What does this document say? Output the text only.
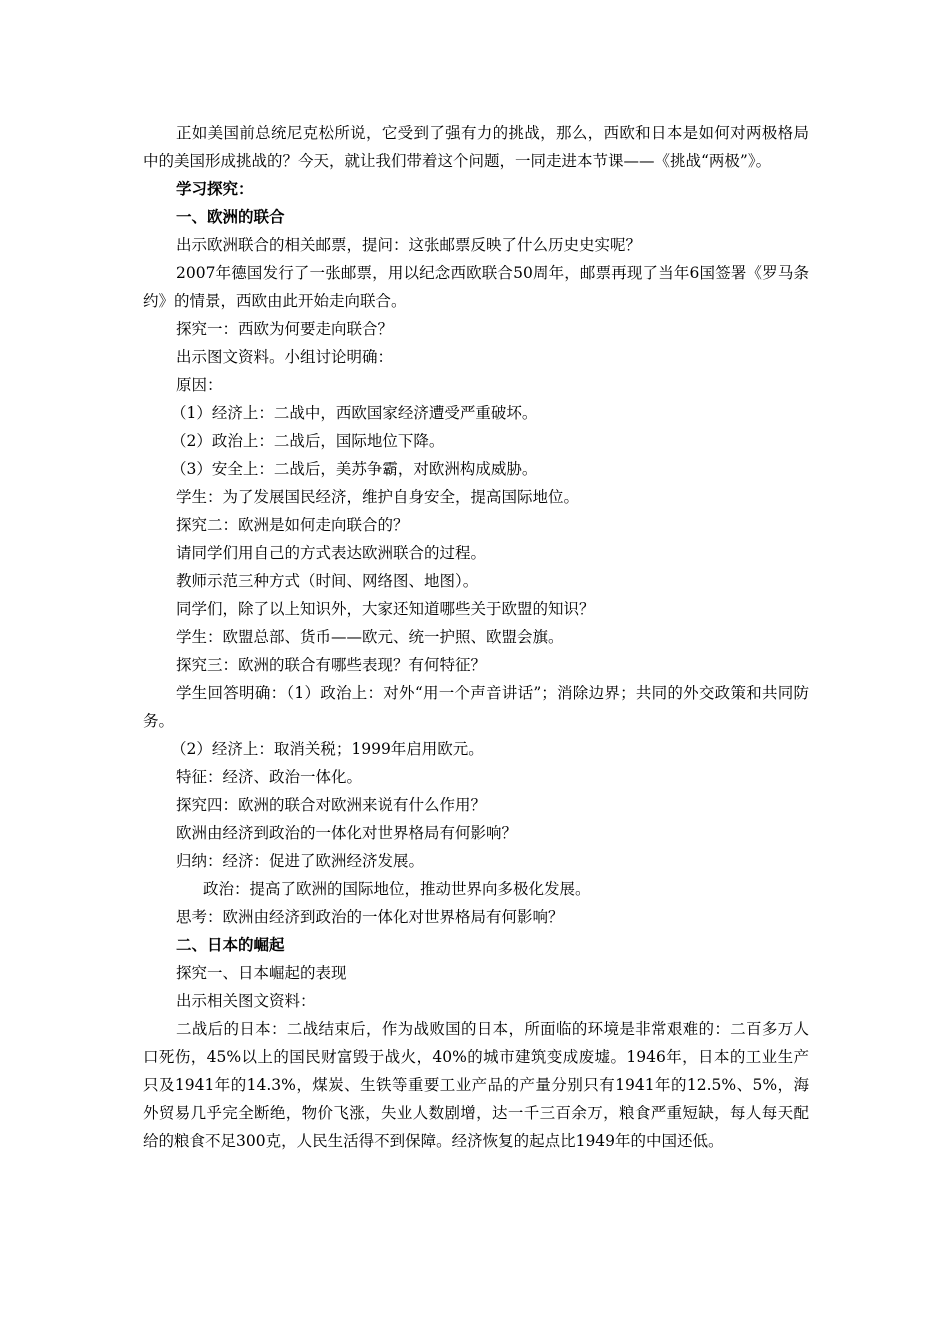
正如美国前总统尼克松所说，它受到了强有力的挑战，那么，西欧和日本是如何对两极格局中的美国形成挑战的？今天，就让我们带着这个问题，一同走进本节课——《挑战“两极”》。

学习探究：

一、欧洲的联合

出示欧洲联合的相关邮票，提问：这张邮票反映了什么历史史实呢？

2007年德国发行了一张邮票，用以纪念西欧联合50周年，邮票再现了当年6国签署《罗马条约》的情景，西欧由此开始走向联合。

探究一：西欧为何要走向联合？

出示图文资料。小组讨论明确：

原因：

（1）经济上：二战中，西欧国家经济遭受严重破坏。

（2）政治上：二战后，国际地位下降。

（3）安全上：二战后，美苏争霸，对欧洲构成威胁。

学生：为了发展国民经济，维护自身安全，提高国际地位。

探究二：欧洲是如何走向联合的？

请同学们用自己的方式表达欧洲联合的过程。

教师示范三种方式（时间、网络图、地图）。

同学们，除了以上知识外，大家还知道哪些关于欧盟的知识？

学生：欧盟总部、货币——欧元、统一护照、欧盟会旗。

探究三：欧洲的联合有哪些表现？有何特征？

学生回答明确：（1）政治上：对外“用一个声音讲话”；消除边界；共同的外交政策和共同防务。

（2）经济上：取消关税；1999年启用欧元。

特征：经济、政治一体化。

探究四：欧洲的联合对欧洲来说有什么作用？

欧洲由经济到政治的一体化对世界格局有何影响？

归纳：经济：促进了欧洲经济发展。

政治：提高了欧洲的国际地位，推动世界向多极化发展。

思考：欧洲由经济到政治的一体化对世界格局有何影响？

二、日本的崛起

探究一、日本崛起的表现

出示相关图文资料：

二战后的日本：二战结束后，作为战败国的日本，所面临的环境是非常艰难的：二百多万人口死伤，45%以上的国民财富毁于战火，40%的城市建筑变成废墟。1946年，日本的工业生产只及1941年的14.3%，煤炭、生铁等重要工业产品的产量分别只有1941年的12.5%、5%，海外贸易几乎完全断绝，物价飞涨，失业人数剧增，达一千三百余万，粮食严重短缺，每人每天配给的粮食不足300克，人民生活得不到保障。经济恢复的起点比1949年的中国还低。
